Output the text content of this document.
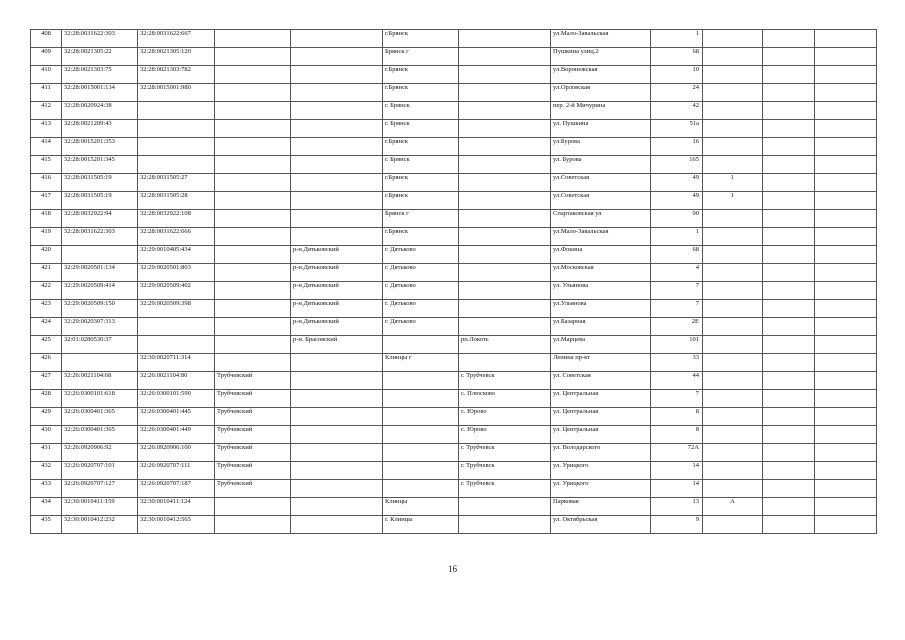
408	32:28:0031622:303	32:28:0031622:667			г.Брянск		ул.Мало-Завальская	1			
409	32:28:0021305:22	32:28:0021305:120			Брянск г		Пушкина улиц.2	68			
410	32:28:0021303:75	32:28:0021303:782			г.Брянск		ул.Воронежская	10			
411	32:28:0015001:134	32:28:0015001:980			г.Брянск		ул.Орловская	24			
412	32:28:0020924:38				г. Брянск		пер. 2-й Мичурина	42			
413	32:28:0021209:43				г. Брянск		ул. Пушкина	51а			
414	32:28:0015201:353				г.Брянск		ул.Бурова	16			
415	32:28:0015201:345				г. Брянск		ул. Бурова	165			
416	32:28:0031505:19	32:28:0031505:27			г.Брянск		ул.Советская	49	1		
417	32:28:0031505:19	32:28:0031505:28			г.Брянск		ул.Советская	49	1		
418	32:28:0032922:94	32:28:0032922:108			Брянск г		Спартаковская ул	90			
419	32:28:0031622:303	32:28:0031622:666			г.Брянск		ул.Мало-Завальская	1			
420		32:29:0010405:434		р-н.Дятьковский	г. Дятьково		ул.Фокина	68			
421	32:29:0020501:134	32:29:0020501:803		р-н.Дятьковский	г. Дятьково		ул.Московская	4			
422	32:29:0020509:414	32:29:0020509:402		р-н.Дятьковский	г. Дятьково		ул. Ульянова	7			
423	32:29:0020509:150	32:29:0020509:398		р-н.Дятьковский	г. Дятьково		ул.Ульянова	7			
424	32:29:0020307:313			р-н.Дятьковский	г. Дятьково		ул.Базарная	2Е			
425	32:01:0280530:37			р-н. Брасовский		рп.Локоть	ул.Марцева	101			
426		32:30:0020711:314			Клинцы г		Ленина пр-кт	33			
427	32:26:0021104:68	32:26:0021104:80	Трубчевский			г. Трубчевск	ул. Советская	44			
428	32:26:0300101:618	32:26:0300101:590	Трубчевский			с. Плюсково	ул. Центральная	7			
429	32:26:0300401:365	32:26:0300401:445	Трубчевский			с. Юрово	ул. Центральная	8			
430	32:26:0300401:365	32:26:0300401:449	Трубчевский			с. Юрово	ул. Центральная	8			
431	32:26:0920906:92	32:26:0920906:100	Трубчевский			г. Трубчевск	ул. Володарского	72А			
432	32:26:0920707:101	32:26:0920707:111	Трубчевский			г. Трубчевск	ул. Урицкого	14			
433	32:26:0920707:127	32:26:0920707:187	Трубчевский			г. Трубчевск	ул. Урицкого	14			
434	32:30:0010411:159	32:30:0010411:124			Клинцы		Парковая	13	А		
435	32:30:0010412:232	32:30:0010412:565			г. Клинцы		ул. Октябрьская	9			
16
